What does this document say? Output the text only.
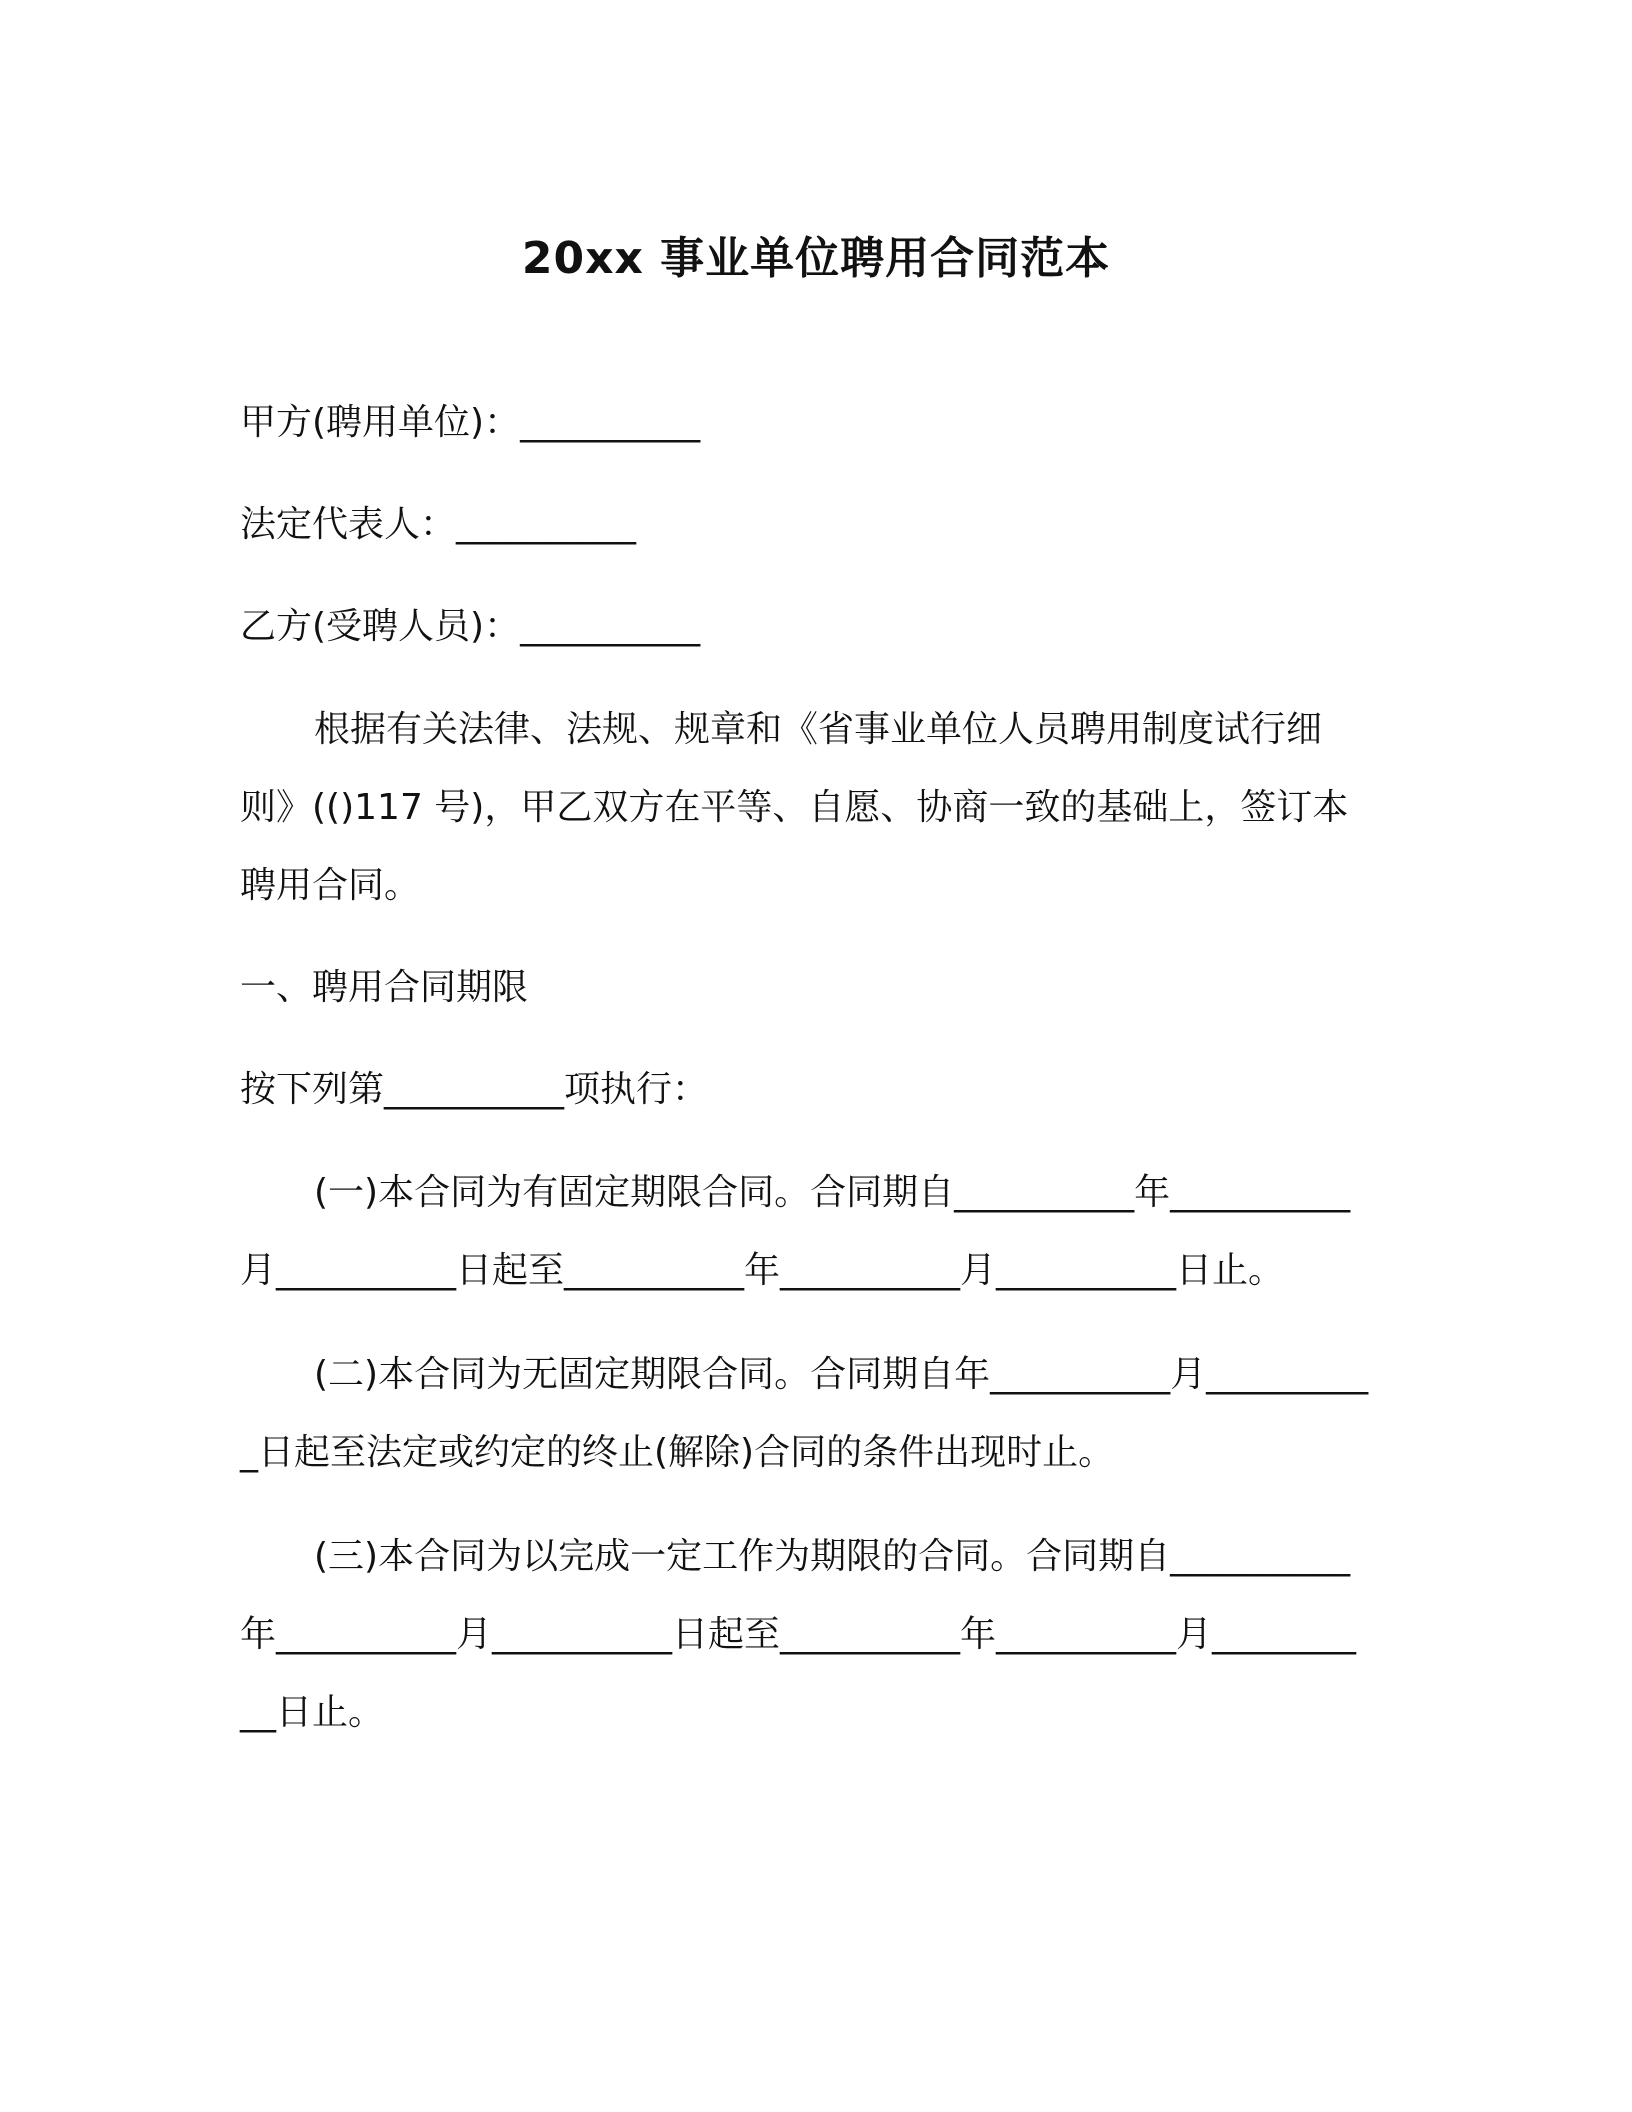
20xx 事业单位聘用合同范本

甲方(聘用单位)：__________

法定代表人：__________

乙方(受聘人员)：__________

根据有关法律、法规、规章和《省事业单位人员聘用制度试行细则》(()117 号)，甲乙双方在平等、自愿、协商一致的基础上，签订本聘用合同。

一、聘用合同期限

按下列第__________项执行：

(一)本合同为有固定期限合同。合同期自__________年__________月__________日起至__________年__________月__________日止。

(二)本合同为无固定期限合同。合同期自年__________月__________日起至法定或约定的终止(解除)合同的条件出现时止。

(三)本合同为以完成一定工作为期限的合同。合同期自__________年__________月__________日起至__________年__________月__________日止。
